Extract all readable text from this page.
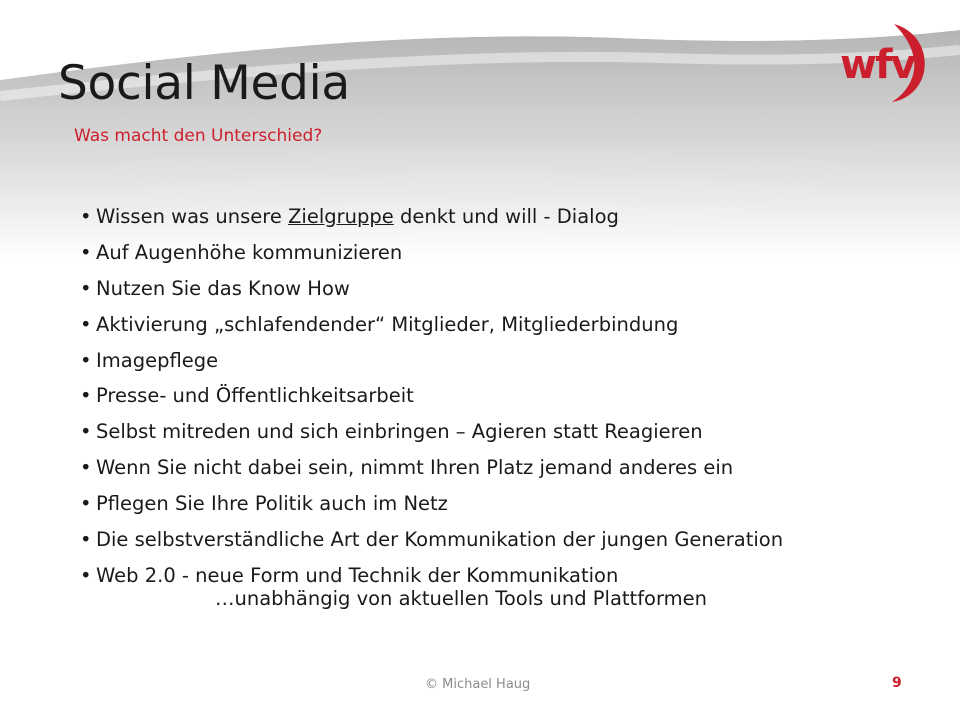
wfv
Social Media

Was macht den Unterschied?

• Wissen was unsere Zielgruppe denkt und will - Dialog
• Auf Augenhöhe kommunizieren
• Nutzen Sie das Know How
• Aktivierung „schlafendender“ Mitglieder, Mitgliederbindung
• Imagepflege
• Presse- und Öffentlichkeitsarbeit
• Selbst mitreden und sich einbringen – Agieren statt Reagieren
• Wenn Sie nicht dabei sein, nimmt Ihren Platz jemand anderes ein
• Pflegen Sie Ihre Politik auch im Netz
• Die selbstverständliche Art der Kommunikation der jungen Generation
• Web 2.0 - neue Form und Technik der Kommunikation
…unabhängig von aktuellen Tools und Plattformen
© Michael Haug	9
